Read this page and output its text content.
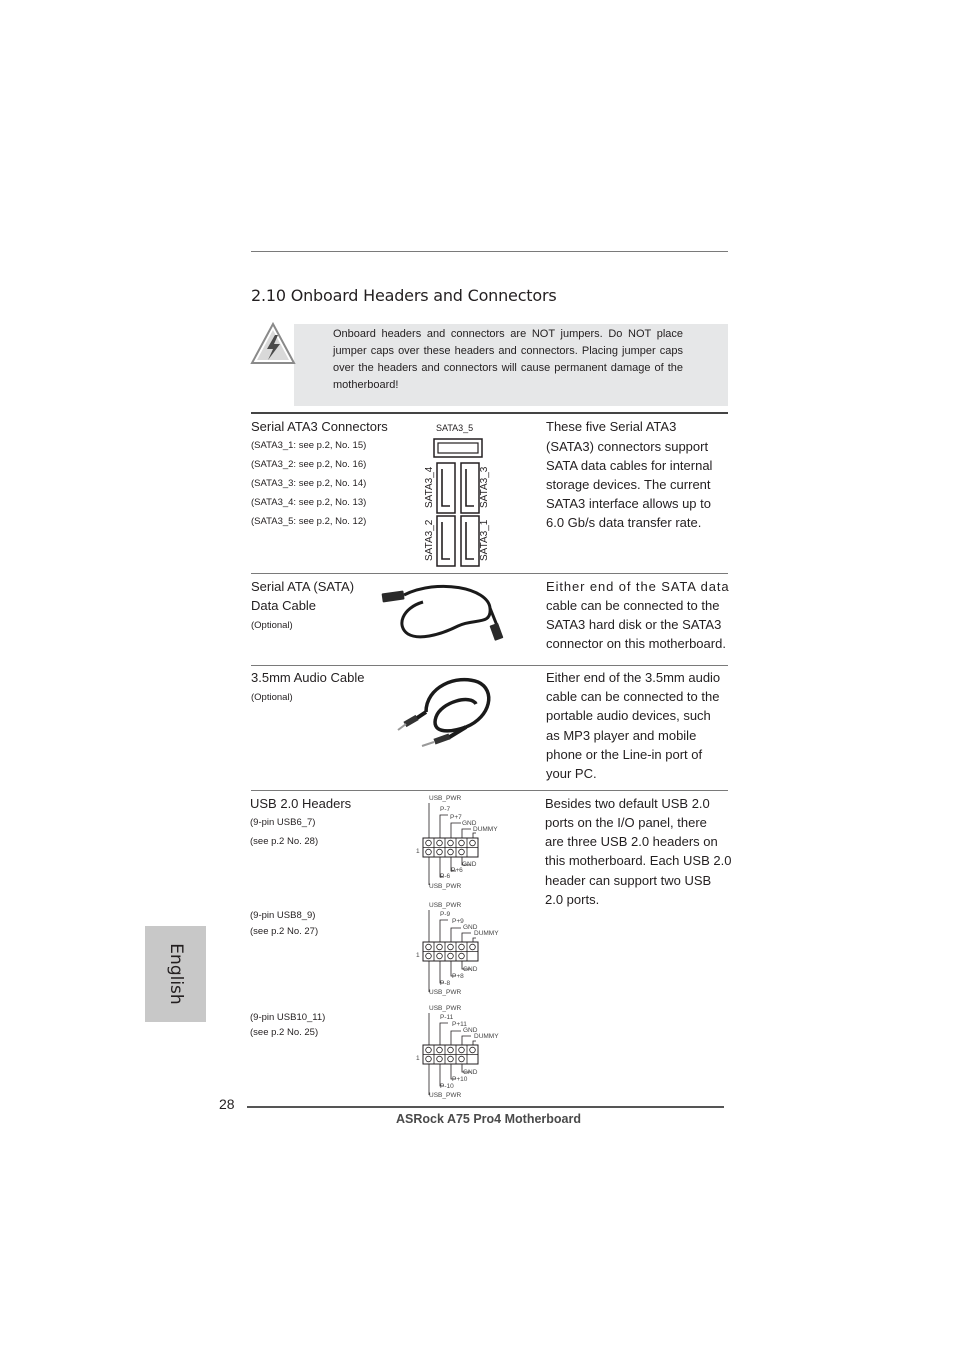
2.10 Onboard Headers and Connectors
Onboard headers and connectors are NOT jumpers. Do NOT place jumper caps over these headers and connectors. Placing jumper caps over the headers and connectors will cause permanent damage of the motherboard!
Serial ATA3 Connectors
(SATA3_1: see p.2, No. 15)
(SATA3_2: see p.2, No. 16)
(SATA3_3: see p.2, No. 14)
(SATA3_4: see p.2, No. 13)
(SATA3_5: see p.2, No. 12)
SATA3_5
SATA3_4	SATA3_3
SATA3_2	SATA3_1
These five Serial ATA3
(SATA3) connectors support
SATA data cables for internal
storage devices. The current
SATA3 interface allows up to
6.0 Gb/s data transfer rate.
Serial ATA (SATA)
Data Cable
(Optional)
Either end of the SATA data
cable can be connected to the
SATA3 hard disk or the SATA3
connector on this motherboard.
3.5mm Audio Cable
(Optional)
Either end of the 3.5mm audio
cable can be connected to the
portable audio devices, such
as MP3 player and mobile
phone or the Line-in port of
your PC.
USB 2.0 Headers
(9-pin USB6_7)
(see p.2 No. 28)
(9-pin USB8_9)
(see p.2 No. 27)
(9-pin USB10_11)
(see p.2 No. 25)
Besides two default USB 2.0
ports on the I/O panel, there
are three USB 2.0 headers on
this motherboard. Each USB 2.0
header can support two USB
2.0 ports.
USB_PWR
P-7
P+7
GND
DUMMY
1
GND
P+6
P-6
USB_PWR
USB_PWR
P-9
P+9
GND
DUMMY
1
GND
P+8
P-8
USB_PWR
USB_PWR
P-11
P+11
GND
DUMMY
1
GND
P+10
P-10
USB_PWR
English
28
ASRock A75 Pro4 Motherboard
